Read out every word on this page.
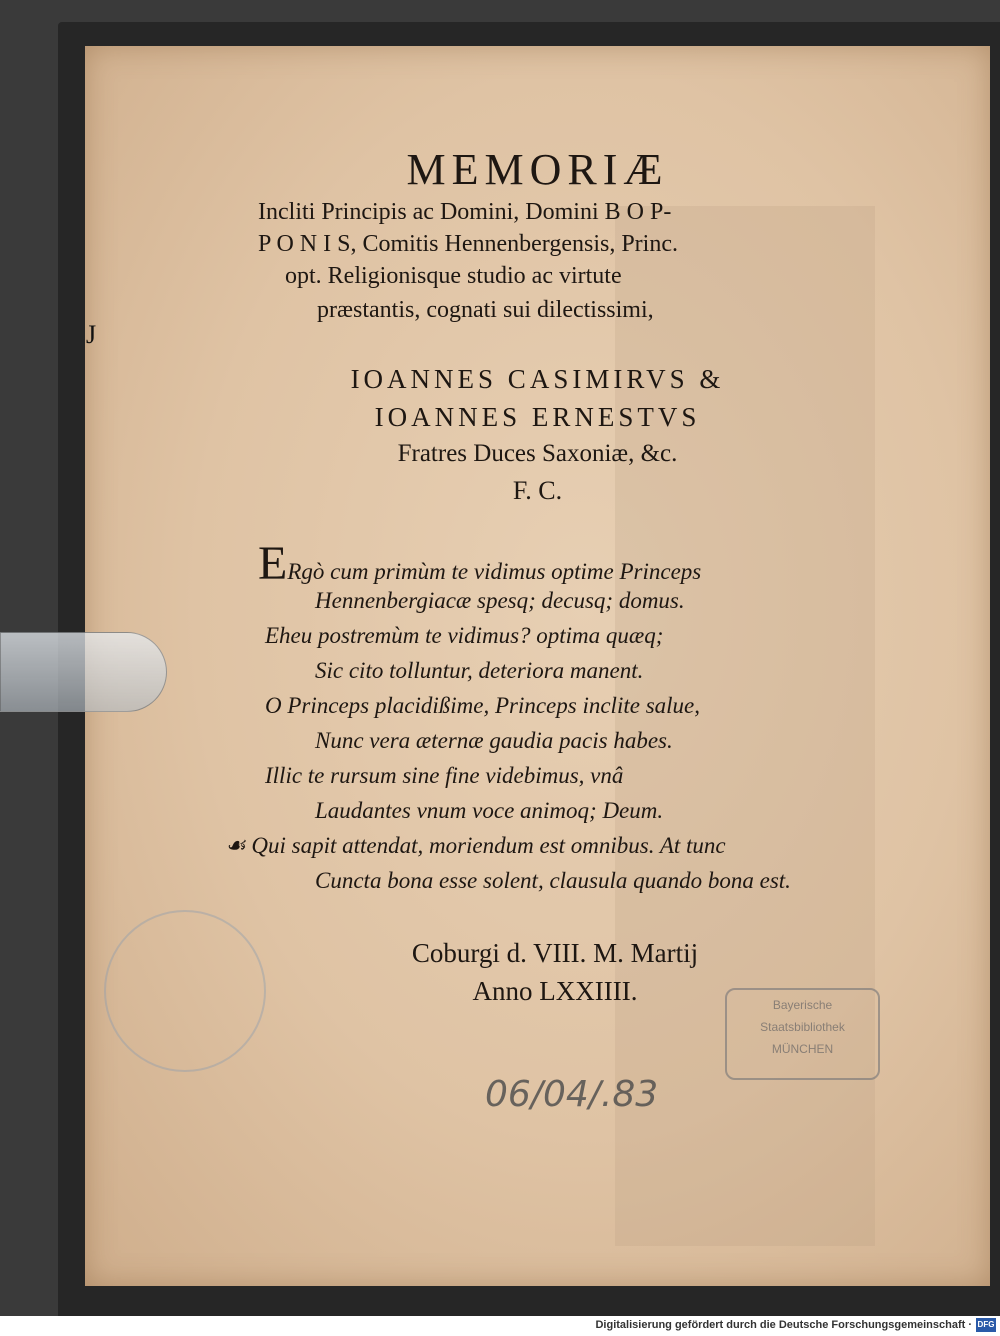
MEMORIÆ
Incliti Principis ac Domini, Domini B O P-
P O N I S, Comitis Hennenbergensis, Princ.
opt. Religionisque studio ac virtute
præstantis, cognati sui dilectissimi,
IOANNES CASIMIRVS &
IOANNES ERNESTVS
Fratres Duces Saxoniæ, &c.
F. C.
ERgò cum primùm te vidimus optime Princeps
Hennenbergiacæ spesq; decusq; domus.
Eheu postremùm te vidimus? optima quæq;
Sic cito tolluntur, deteriora manent.
O Princeps placidißime, Princeps inclite salue,
Nunc vera æternæ gaudia pacis habes.
Illic te rursum sine fine videbimus, vnâ
Laudantes vnum voce animoq; Deum.
☙ Qui sapit attendat, moriendum est omnibus. At tunc
Cuncta bona esse solent, clausula quando bona est.
Coburgi d. VIII. M. Martij
Anno LXXIIII.	Bayerische
Staatsbibliothek
MÜNCHEN
06/04/.83
J
Digitalisierung gefördert durch die Deutsche Forschungsgemeinschaft · DFG
